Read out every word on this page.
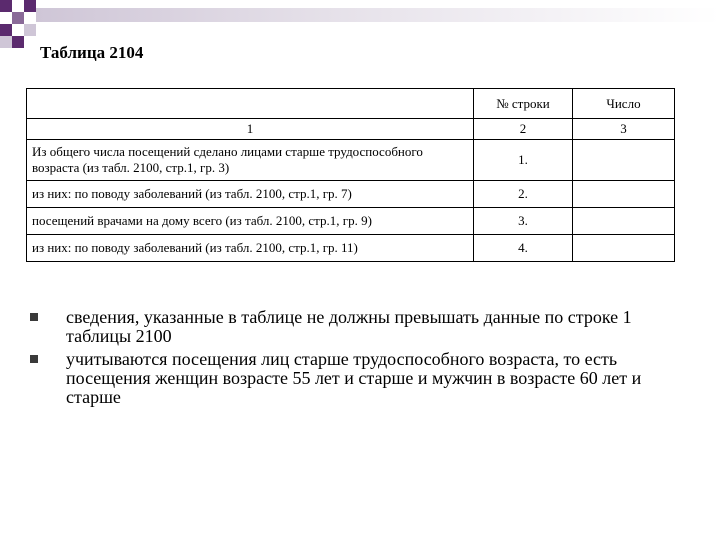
Таблица 2104
	№ строки	Число
1	2	3
Из общего числа посещений сделано лицами старше трудоспособного возраста (из табл. 2100, стр.1, гр. 3)	1.	
из них: по поводу заболеваний (из табл. 2100, стр.1, гр. 7)	2.	
посещений врачами на дому всего (из табл. 2100, стр.1, гр. 9)	3.	
из них: по поводу заболеваний (из табл. 2100, стр.1, гр. 11)	4.	
сведения, указанные в таблице не должны превышать данные по строке 1 таблицы 2100
учитываются посещения лиц старше трудоспособного возраста, то есть посещения женщин возрасте 55 лет и старше и мужчин в возрасте 60 лет и старше
